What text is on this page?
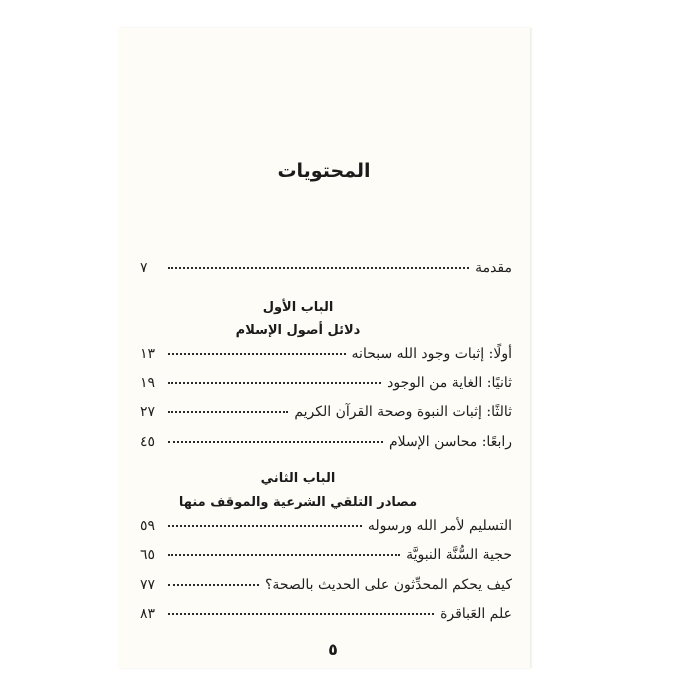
المحتويات
مقدمة
٧
الباب الأول
دلائل أصول الإسلام
أولًا: إثبات وجود الله سبحانه
١٣
ثانيًا: الغاية من الوجود
١٩
ثالثًا: إثبات النبوة وصحة القرآن الكريم
٢٧
رابعًا: محاسن الإسلام
٤٥
الباب الثاني
مصادر التلقي الشرعية والموقف منها
التسليم لأمر الله ورسوله
٥٩
حجية السُّنَّة النبويَّة
٦٥
كيف يحكم المحدِّثون على الحديث بالصحة؟
٧٧
علم العَباقرة
٨٣
٥
